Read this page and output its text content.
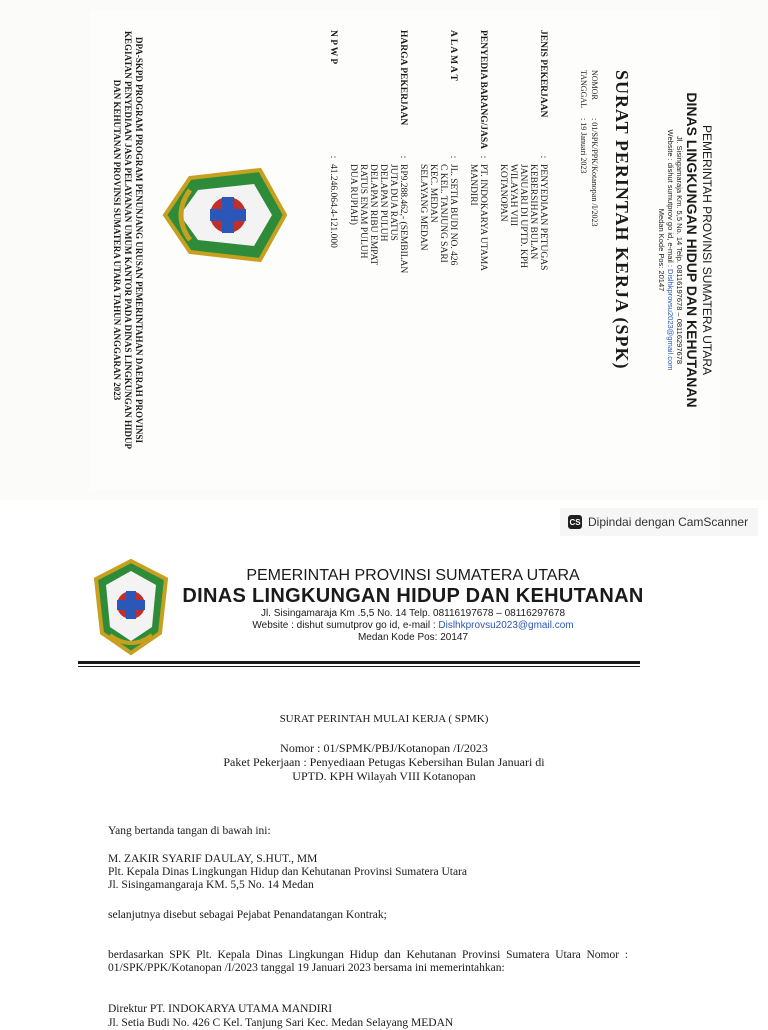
PEMERINTAH PROVINSI SUMATERA UTARA
DINAS LINGKUNGAN HIDUP DAN KEHUTANAN
Jl. Sisingamaraja Km. 5,5 No. 14 Telp. 08116197678 – 08116297678
Website : dishut sumutprov go id, e-mail : Dislhkprovsu2023@gmail.com
Medan Kode Pos: 20147
SURAT PERINTAH KERJA (SPK)
NOMOR: 01/SPK/PPK/Kotanopan /I/2023
TANGGAL: 19 Januari 2023
JENIS PEKERJAAN
:
PENYEDIAAN PETUGAS KEBERSIHAN BULAN JANUARI DI UPTD. KPH WILAYAH VIII KOTANOPAN
PENYEDIA BARANG/JASA
:
PT. INDOKARYA UTAMA MANDIRI
A L A M A T
:
JL. SETIA BUDI NO. 426 C KEL. TANJUNG SARI KEC. MEDAN SELAYANG MEDAN
HARGA PEKERJAAN
:
RP9.288.462,- (SEMBILAN JUTA DUA RATUS DELAPAN PULUH DELAPAN RIBU EMPAT RATUS ENAM PULUH DUA RUPIAH)
N P W P
:
41.246.064.4-121.000
DPA-SKPD PROGRAM PROGRAM PENUNJANG URUSAN PEMERINTAHAN DAERAH PROVINSI KEGIATAN PENYEDIAAN JASA PELAYANAN UMUM KANTOR PADA DINAS LINGKUNGAN HIDUP DAN KEHUTANAN PROVINSI SUMATERA UTARA TAHUN ANGGARAN 2023
CS Dipindai dengan CamScanner
PEMERINTAH PROVINSI SUMATERA UTARA
DINAS LINGKUNGAN HIDUP DAN KEHUTANAN
Jl. Sisingamaraja Km .5,5 No. 14 Telp. 08116197678 – 08116297678
Website : dishut sumutprov go id, e-mail : Dislhkprovsu2023@gmail.com
Medan Kode Pos: 20147
SURAT PERINTAH MULAI KERJA ( SPMK)
Nomor : 01/SPMK/PBJ/Kotanopan /I/2023
Paket Pekerjaan : Penyediaan Petugas Kebersihan Bulan Januari di
UPTD. KPH Wilayah VIII Kotanopan
Yang bertanda tangan di bawah ini:
M. ZAKIR SYARIF DAULAY, S.HUT., MM
Plt. Kepala Dinas Lingkungan Hidup dan Kehutanan Provinsi Sumatera Utara
Jl. Sisingamangaraja KM. 5,5 No. 14 Medan
selanjutnya disebut sebagai Pejabat Penandatangan Kontrak;
berdasarkan SPK Plt. Kepala Dinas Lingkungan Hidup dan Kehutanan Provinsi Sumatera Utara Nomor : 01/SPK/PPK/Kotanopan /I/2023 tanggal 19 Januari 2023 bersama ini memerintahkan:
Direktur PT. INDOKARYA UTAMA MANDIRI
Jl. Setia Budi No. 426 C Kel. Tanjung Sari Kec. Medan Selayang MEDAN
